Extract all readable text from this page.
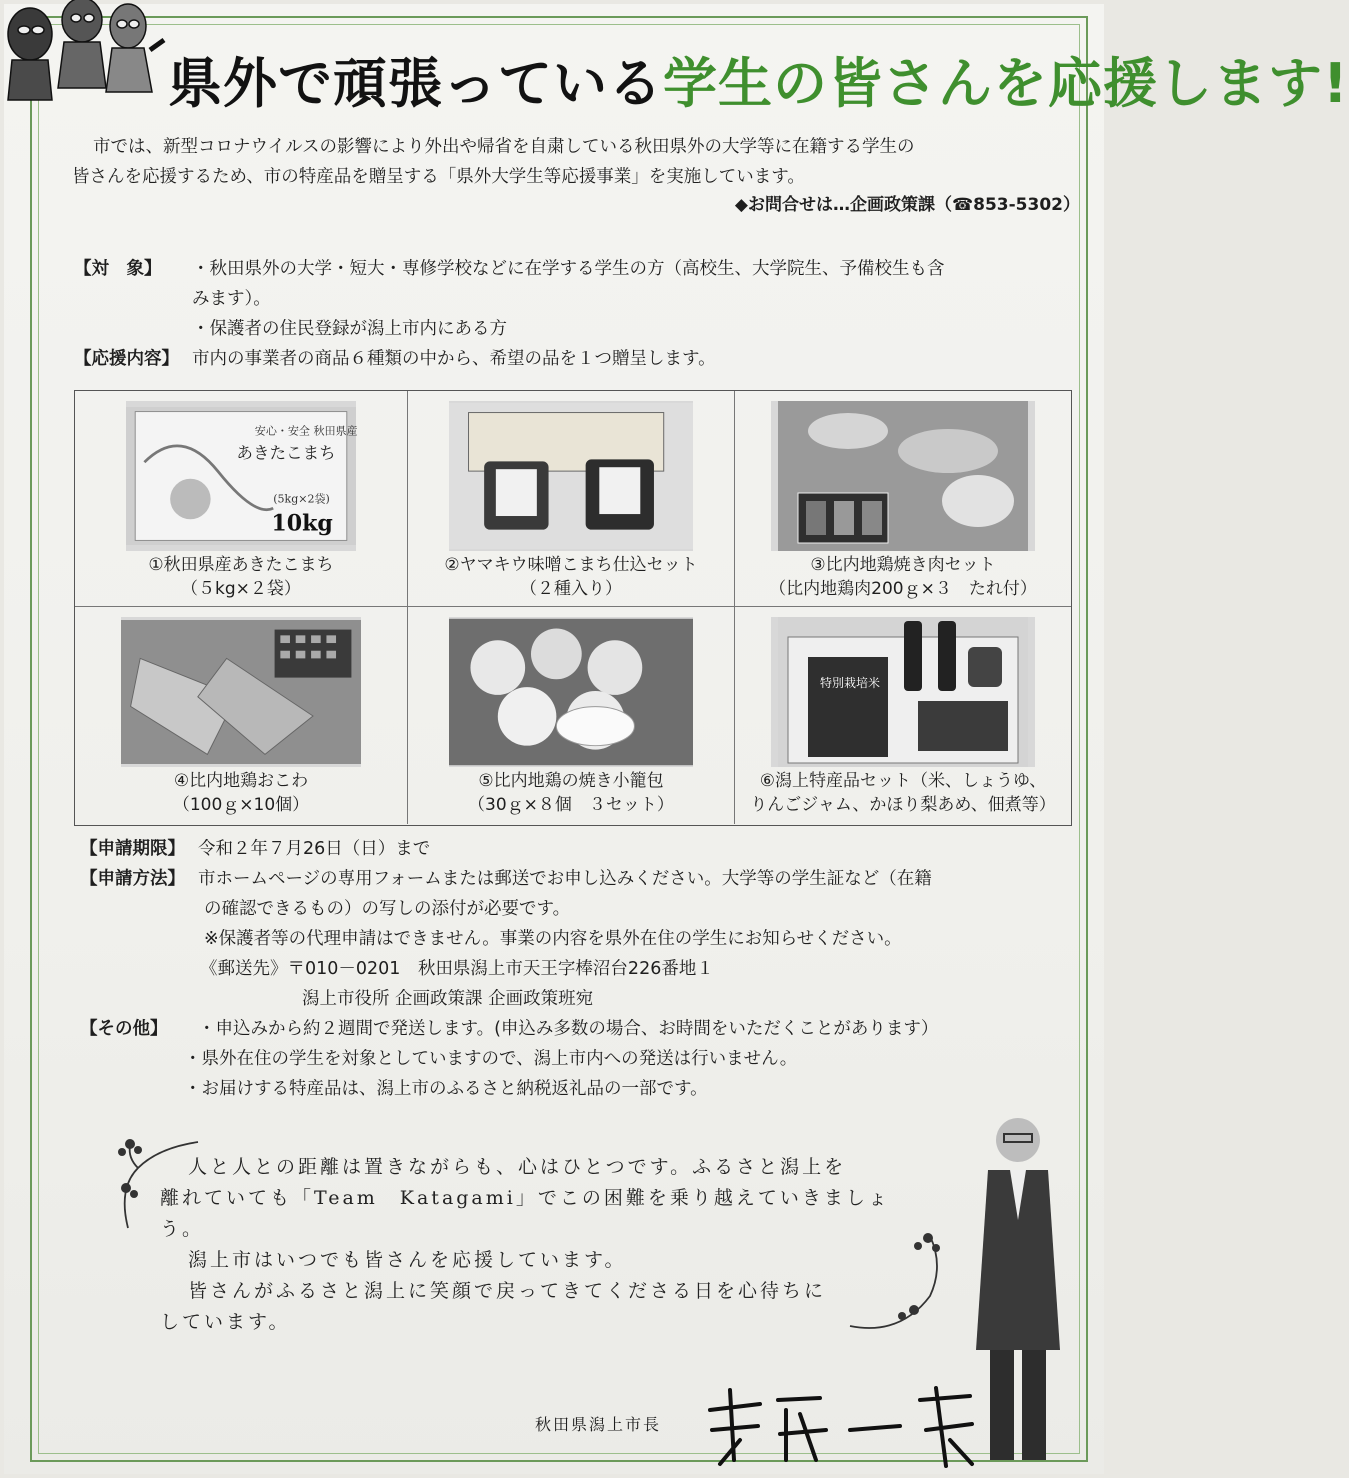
県外で頑張っている学生の皆さんを応援します!

市では、新型コロナウイルスの影響により外出や帰省を自粛している秋田県外の大学等に在籍する学生の

皆さんを応援するため、市の特産品を贈呈する「県外大学生等応援事業」を実施しています。

◆お問合せは…企画政策課（☎853-5302）
【対　象】 ・秋田県外の大学・短大・専修学校などに在学する学生の方（高校生、大学院生、予備校生も含
みます）。
・保護者の住民登録が潟上市内にある方
【応援内容】 市内の事業者の商品６種類の中から、希望の品を１つ贈呈します。
安心・安全 秋田県産
あきたこまち
(5kg×2袋)
10kg
①秋田県産あきたこまち
（５kg×２袋）
②ヤマキウ味噌こまち仕込セット
（２種入り）
③比内地鶏焼き肉セット
（比内地鶏肉200ｇ×３　たれ付）
④比内地鶏おこわ
（100ｇ×10個）
⑤比内地鶏の焼き小籠包
（30ｇ×８個　３セット）
特別栽培米
⑥潟上特産品セット（米、しょうゆ、
りんごジャム、かほり梨あめ、佃煮等）
【申請期限】 令和２年７月26日（日）まで
【申請方法】 市ホームページの専用フォームまたは郵送でお申し込みください。大学等の学生証など（在籍
の確認できるもの）の写しの添付が必要です。
※保護者等の代理申請はできません。事業の内容を県外在住の学生にお知らせください。
《郵送先》〒010－0201　秋田県潟上市天王字棒沼台226番地１
潟上市役所 企画政策課 企画政策班宛
【その他】 ・申込みから約２週間で発送します。(申込み多数の場合、お時間をいただくことがあります）
・県外在住の学生を対象としていますので、潟上市内への発送は行いません。
・お届けする特産品は、潟上市のふるさと納税返礼品の一部です。
人と人との距離は置きながらも、心はひとつです。ふるさと潟上を
離れていても「Team　Katagami」でこの困難を乗り越えていきましょう。
潟上市はいつでも皆さんを応援しています。
皆さんがふるさと潟上に笑顔で戻ってきてくださる日を心待ちに
しています。
秋田県潟上市長
